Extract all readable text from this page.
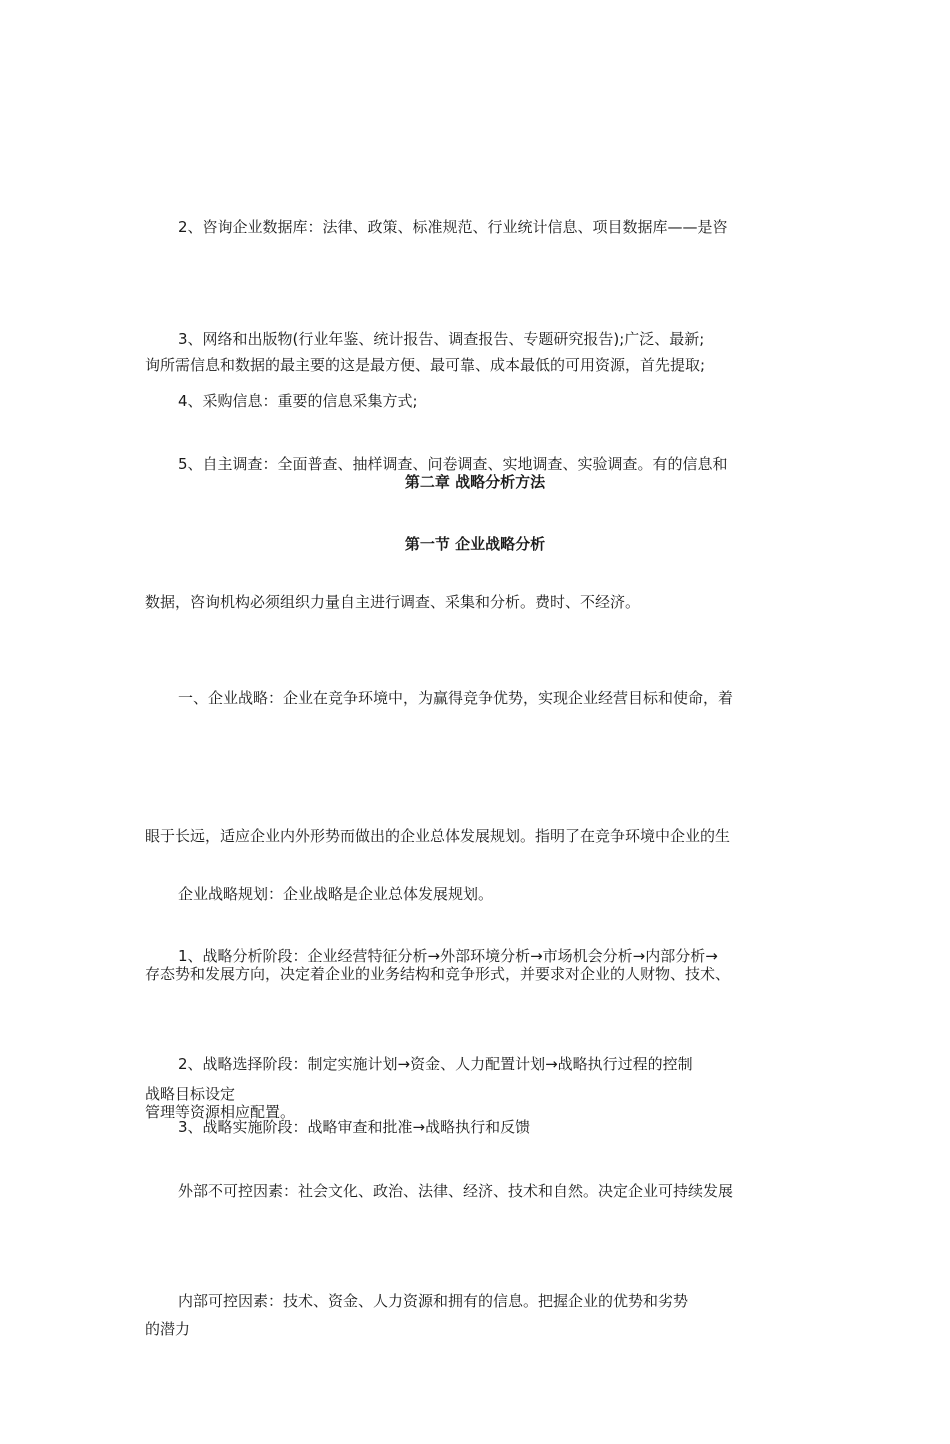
2、咨询企业数据库：法律、政策、标准规范、行业统计信息、项目数据库——是咨

询所需信息和数据的最主要的这是最方便、最可靠、成本最低的可用资源，首先提取;

3、网络和出版物(行业年鉴、统计报告、调查报告、专题研究报告);广泛、最新;

4、采购信息：重要的信息采集方式;

5、自主调查：全面普查、抽样调查、问卷调查、实地调查、实验调查。有的信息和

数据，咨询机构必须组织力量自主进行调查、采集和分析。费时、不经济。

第二章 战略分析方法
第一节 企业战略分析

一、企业战略：企业在竞争环境中，为赢得竞争优势，实现企业经营目标和使命，着

眼于长远，适应企业内外形势而做出的企业总体发展规划。指明了在竞争环境中企业的生

存态势和发展方向，决定着企业的业务结构和竞争形式，并要求对企业的人财物、技术、

管理等资源相应配置。

企业战略规划：企业战略是企业总体发展规划。

1、战略分析阶段：企业经营特征分析→外部环境分析→市场机会分析→内部分析→

战略目标设定

2、战略选择阶段：制定实施计划→资金、人力配置计划→战略执行过程的控制

3、战略实施阶段：战略审查和批准→战略执行和反馈

外部不可控因素：社会文化、政治、法律、经济、技术和自然。决定企业可持续发展

的潜力

内部可控因素：技术、资金、人力资源和拥有的信息。把握企业的优势和劣势
